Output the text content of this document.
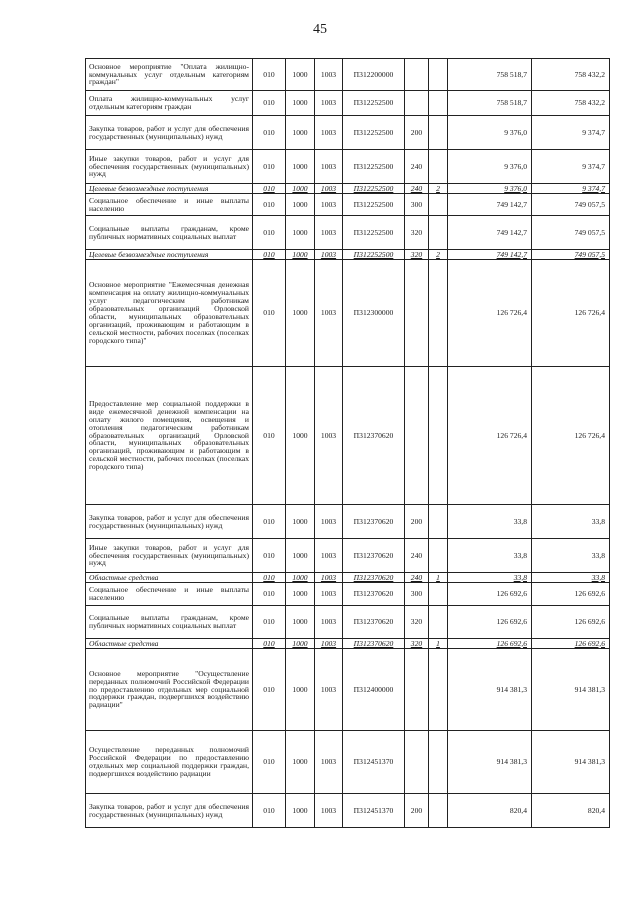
45
Основное мероприятие "Оплата жилищно-коммунальных услуг отдельным категориям граждан"	010	1000	1003	П312200000			758 518,7	758 432,2
Оплата жилищно-коммунальных услуг отдельным категориям граждан	010	1000	1003	П312252500			758 518,7	758 432,2
Закупка товаров, работ и услуг для обеспечения государственных (муниципальных) нужд	010	1000	1003	П312252500	200		9 376,0	9 374,7
Иные закупки товаров, работ и услуг для обеспечения государственных (муниципальных) нужд	010	1000	1003	П312252500	240		9 376,0	9 374,7
Целевые безвозмездные поступления	010	1000	1003	П312252500	240	2	9 376,0	9 374,7
Социальное обеспечение и иные выплаты населению	010	1000	1003	П312252500	300		749 142,7	749 057,5
Социальные выплаты гражданам, кроме публичных нормативных социальных выплат	010	1000	1003	П312252500	320		749 142,7	749 057,5
Целевые безвозмездные поступления	010	1000	1003	П312252500	320	2	749 142,7	749 057,5
Основное мероприятие "Ежемесячная денежная компенсация на оплату жилищно-коммунальных услуг педагогическим работникам образовательных организаций Орловской области, муниципальных образовательных организаций, проживающим и работающим в сельской местности, рабочих поселках (поселках городского типа)"	010	1000	1003	П312300000			126 726,4	126 726,4
Предоставление мер социальной поддержки в виде ежемесячной денежной компенсации на оплату жилого помещения, освещения и отопления педагогическим работникам образовательных организаций Орловской области, муниципальных образовательных организаций, проживающим и работающим в сельской местности, рабочих поселках (поселках городского типа)	010	1000	1003	П312370620			126 726,4	126 726,4
Закупка товаров, работ и услуг для обеспечения государственных (муниципальных) нужд	010	1000	1003	П312370620	200		33,8	33,8
Иные закупки товаров, работ и услуг для обеспечения государственных (муниципальных) нужд	010	1000	1003	П312370620	240		33,8	33,8
Областные средства	010	1000	1003	П312370620	240	1	33,8	33,8
Социальное обеспечение и иные выплаты населению	010	1000	1003	П312370620	300		126 692,6	126 692,6
Социальные выплаты гражданам, кроме публичных нормативных социальных выплат	010	1000	1003	П312370620	320		126 692,6	126 692,6
Областные средства	010	1000	1003	П312370620	320	1	126 692,6	126 692,6
Основное мероприятие "Осуществление переданных полномочий Российской Федерации по предоставлению отдельных мер социальной поддержки граждан, подвергшихся воздействию радиации"	010	1000	1003	П312400000			914 381,3	914 381,3
Осуществление переданных полномочий Российской Федерации по предоставлению отдельных мер социальной поддержки граждан, подвергшихся воздействию радиации	010	1000	1003	П312451370			914 381,3	914 381,3
Закупка товаров, работ и услуг для обеспечения государственных (муниципальных) нужд	010	1000	1003	П312451370	200		820,4	820,4
